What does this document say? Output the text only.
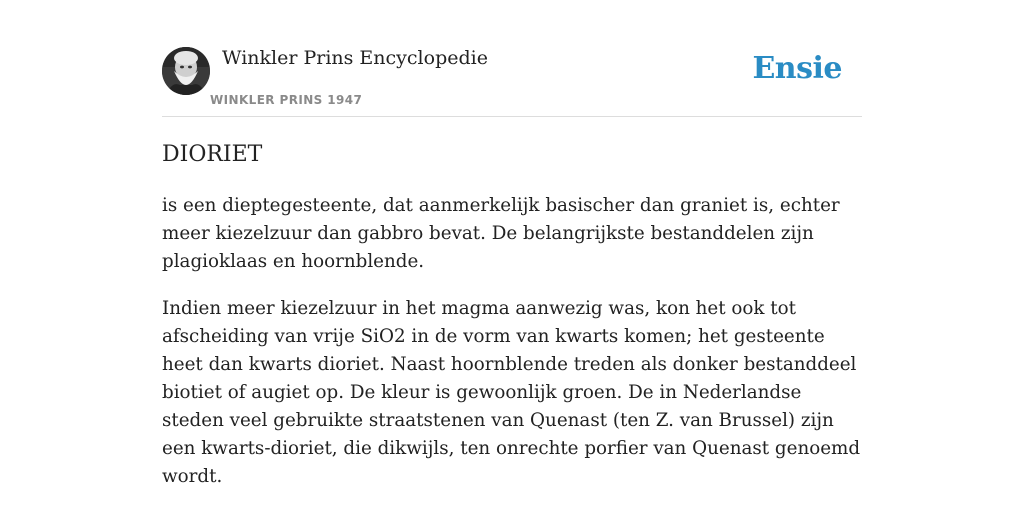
Winkler Prins Encyclopedie
WINKLER PRINS 1947
Ensie
DIORIET

is een dieptegesteente, dat aanmerkelijk basischer dan graniet is, echter meer kiezelzuur dan gabbro bevat. De belangrijkste bestanddelen zijn plagioklaas en hoornblende.

Indien meer kiezelzuur in het magma aanwezig was, kon het ook tot afscheiding van vrije SiO2 in de vorm van kwarts komen; het gesteente heet dan kwarts dioriet. Naast hoornblende treden als donker bestanddeel biotiet of augiet op. De kleur is gewoonlijk groen. De in Nederlandse steden veel gebruikte straatstenen van Quenast (ten Z. van Brussel) zijn een kwarts-dioriet, die dikwijls, ten onrechte porfier van Quenast genoemd wordt.
